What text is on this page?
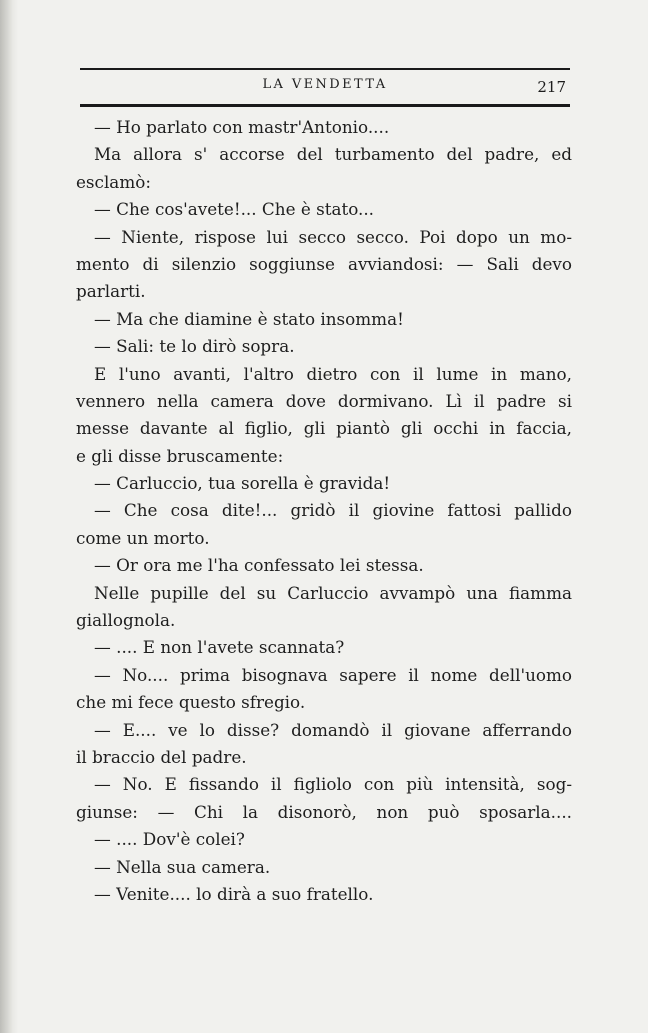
LA VENDETTA	217
— Ho parlato con mastr'Antonio....
Ma allora s' accorse del turbamento del padre, ed
esclamò:
— Che cos'avete!... Che è stato...
— Niente, rispose lui secco secco. Poi dopo un mo-
mento di silenzio soggiunse avviandosi: — Sali devo
parlarti.
— Ma che diamine è stato insomma!
— Sali: te lo dirò sopra.
E l'uno avanti, l'altro dietro con il lume in mano,
vennero nella camera dove dormivano. Lì il padre si
messe davante al figlio, gli piantò gli occhi in faccia,
e gli disse bruscamente:
— Carluccio, tua sorella è gravida!
— Che cosa dite!... gridò il giovine fattosi pallido
come un morto.
— Or ora me l'ha confessato lei stessa.
Nelle pupille del su Carluccio avvampò una fiamma
giallognola.
— .... E non l'avete scannata?
— No.... prima bisognava sapere il nome dell'uomo
che mi fece questo sfregio.
— E.... ve lo disse? domandò il giovane afferrando
il braccio del padre.
— No. E fissando il figliolo con più intensità, sog-
giunse: — Chi la disonorò, non può sposarla....
— .... Dov'è colei?
— Nella sua camera.
— Venite.... lo dirà a suo fratello.
